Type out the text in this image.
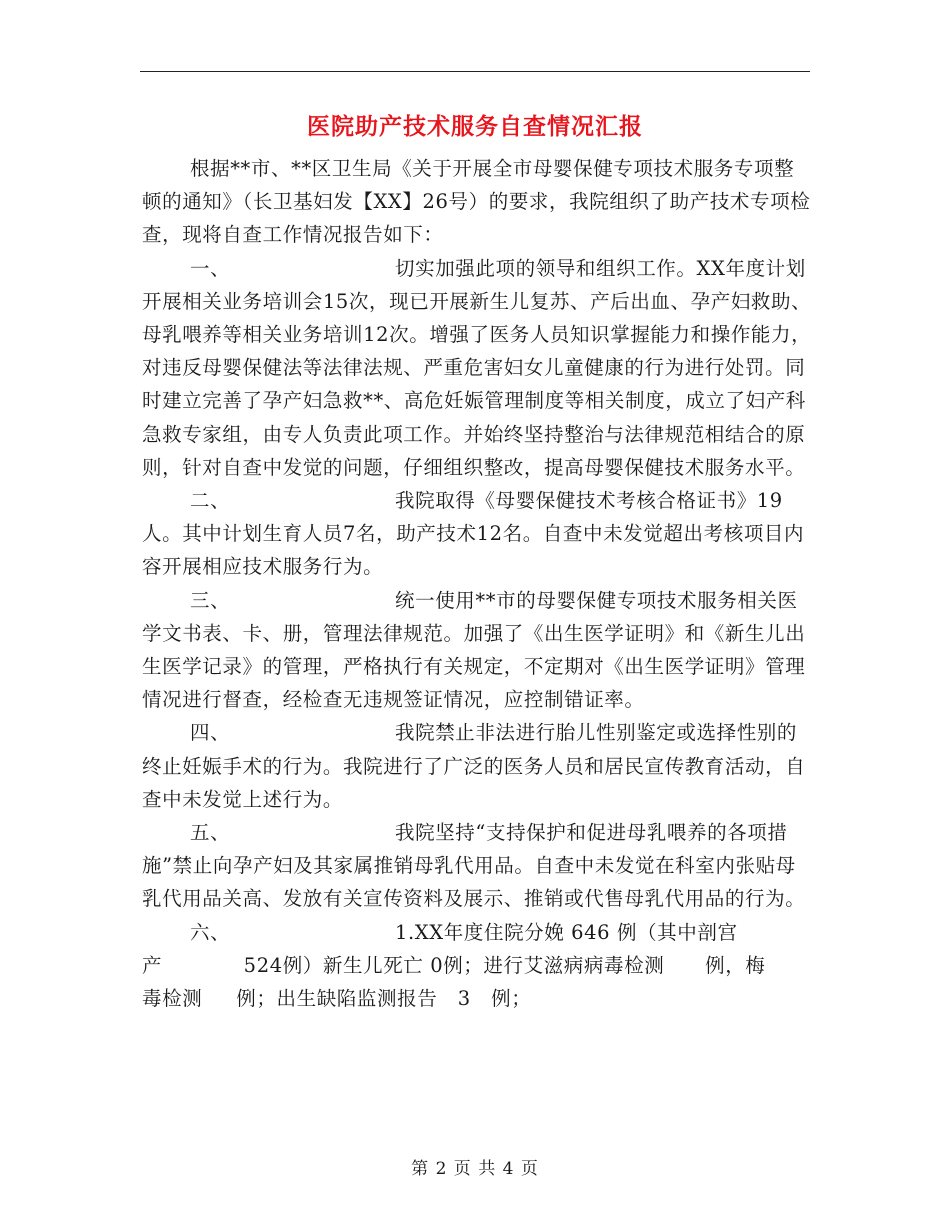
医院助产技术服务自查情况汇报

根据**市、**区卫生局《关于开展全市母婴保健专项技术服务专项整顿的通知》（长卫基妇发【XX】26号）的要求，我院组织了助产技术专项检查，现将自查工作情况报告如下：

一、	切实加强此项的领导和组织工作。XX年度计划开展相关业务培训会15次，现已开展新生儿复苏、产后出血、孕产妇救助、母乳喂养等相关业务培训12次。增强了医务人员知识掌握能力和操作能力，对违反母婴保健法等法律法规、严重危害妇女儿童健康的行为进行处罚。同时建立完善了孕产妇急救**、高危妊娠管理制度等相关制度，成立了妇产科急救专家组，由专人负责此项工作。并始终坚持整治与法律规范相结合的原则，针对自查中发觉的问题，仔细组织整改，提高母婴保健技术服务水平。

二、	我院取得《母婴保健技术考核合格证书》19人。其中计划生育人员7名，助产技术12名。自查中未发觉超出考核项目内容开展相应技术服务行为。

三、	统一使用**市的母婴保健专项技术服务相关医学文书表、卡、册，管理法律规范。加强了《出生医学证明》和《新生儿出生医学记录》的管理，严格执行有关规定，不定期对《出生医学证明》管理情况进行督查，经检查无违规签证情况，应控制错证率。

四、	我院禁止非法进行胎儿性别鉴定或选择性别的终止妊娠手术的行为。我院进行了广泛的医务人员和居民宣传教育活动，自查中未发觉上述行为。

五、	我院坚持“支持保护和促进母乳喂养的各项措施”禁止向孕产妇及其家属推销母乳代用品。自查中未发觉在科室内张贴母乳代用品关高、发放有关宣传资料及展示、推销或代售母乳代用品的行为。

六、	1.XX年度住院分娩 646 例（其中剖宫
产            524例）新生儿死亡 0例；进行艾滋病病毒检测      例，梅
毒检测     例；出生缺陷监测报告   3   例；
第 2 页 共 4 页
